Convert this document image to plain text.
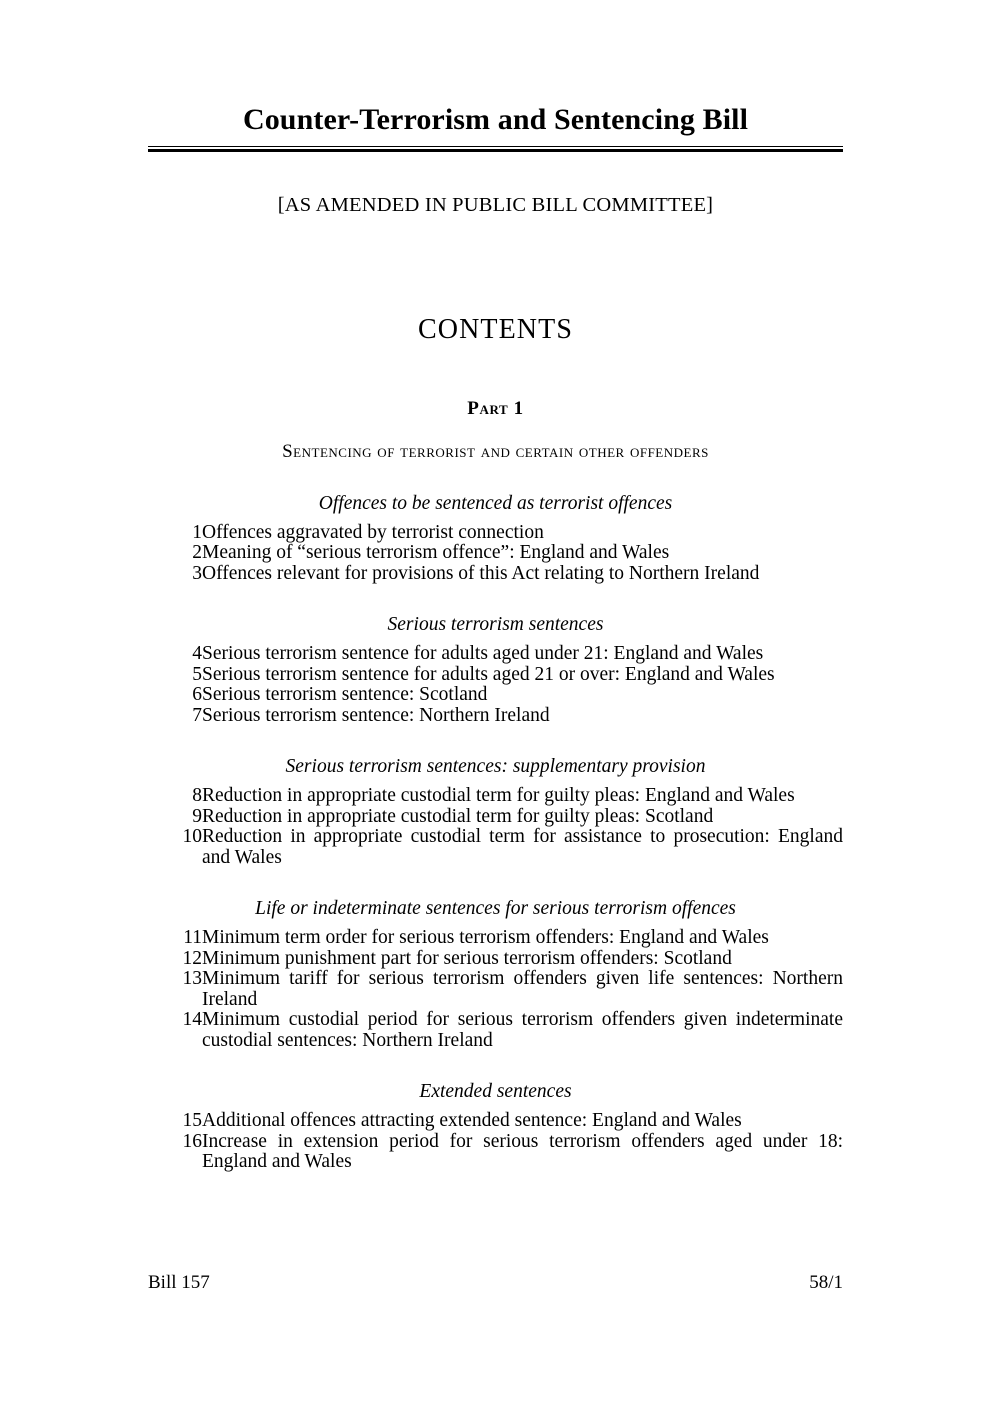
Counter-Terrorism and Sentencing Bill

[AS AMENDED IN PUBLIC BILL COMMITTEE]

CONTENTS
Part 1
Sentencing of terrorist and certain other offenders
Offences to be sentenced as terrorist offences
1	Offences aggravated by terrorist connection
2	Meaning of “serious terrorism offence”: England and Wales
3	Offences relevant for provisions of this Act relating to Northern Ireland
Serious terrorism sentences
4	Serious terrorism sentence for adults aged under 21: England and Wales
5	Serious terrorism sentence for adults aged 21 or over: England and Wales
6	Serious terrorism sentence: Scotland
7	Serious terrorism sentence: Northern Ireland
Serious terrorism sentences: supplementary provision
8	Reduction in appropriate custodial term for guilty pleas: England and Wales
9	Reduction in appropriate custodial term for guilty pleas: Scotland
10	Reduction in appropriate custodial term for assistance to prosecution: England and Wales
Life or indeterminate sentences for serious terrorism offences
11	Minimum term order for serious terrorism offenders: England and Wales
12	Minimum punishment part for serious terrorism offenders: Scotland
13	Minimum tariff for serious terrorism offenders given life sentences: Northern Ireland
14	Minimum custodial period for serious terrorism offenders given indeterminate custodial sentences: Northern Ireland
Extended sentences
15	Additional offences attracting extended sentence: England and Wales
16	Increase in extension period for serious terrorism offenders aged under 18: England and Wales
Bill 157	58/1
